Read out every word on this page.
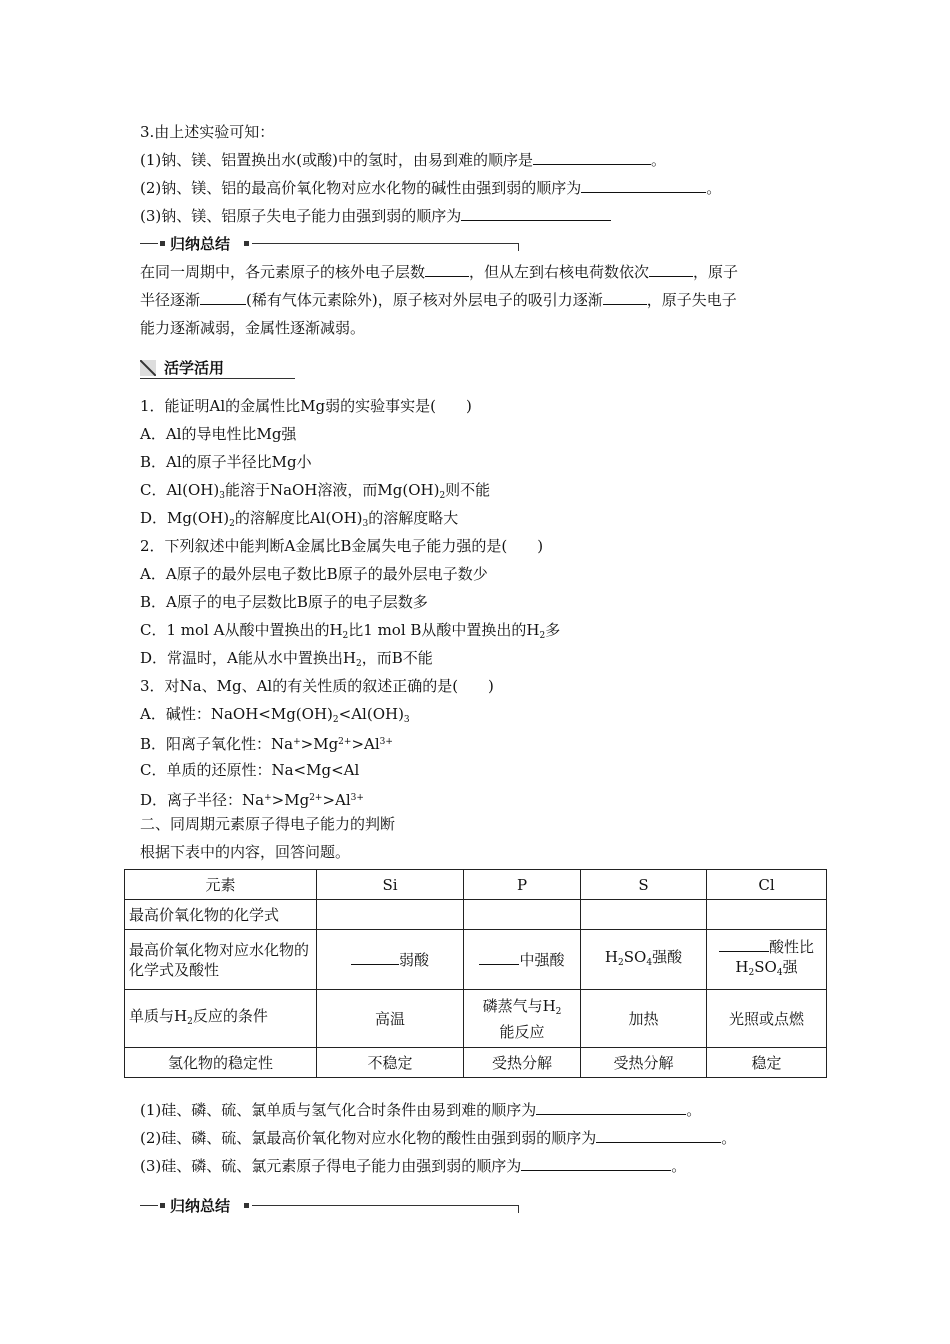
3.由上述实验可知：
(1)钠、镁、铝置换出水(或酸)中的氢时，由易到难的顺序是	。
(2)钠、镁、铝的最高价氧化物对应水化物的碱性由强到弱的顺序为	。
(3)钠、镁、铝原子失电子能力由强到弱的顺序为
归纳总结
在同一周期中，各元素原子的核外电子层数	，但从左到右核电荷数依次	，原子
半径逐渐	(稀有气体元素除外)，原子核对外层电子的吸引力逐渐	，原子失电子
能力逐渐减弱，金属性逐渐减弱。
活学活用
1．能证明Al的金属性比Mg弱的实验事实是(　　)
A．Al的导电性比Mg强
B．Al的原子半径比Mg小
C．$Al(OH)_3$能溶于NaOH溶液，而$Mg(OH)_2$则不能
D．$Mg(OH)_2$的溶解度比$Al(OH)_3$的溶解度略大
2．下列叙述中能判断A金属比B金属失电子能力强的是(　　)
A．A原子的最外层电子数比B原子的最外层电子数少
B．A原子的电子层数比B原子的电子层数多
C．1 mol A从酸中置换出的$H_2$比1 mol B从酸中置换出的$H_2$多
D．常温时，A能从水中置换出$H_2$，而B不能
3．对Na、Mg、Al的有关性质的叙述正确的是(　　)
A．碱性：$NaOH<Mg(OH)_2<Al(OH)_3$
B．阳离子氧化性：$Na^+>Mg^{2+}>Al^{3+}$
C．单质的还原性：Na<Mg<Al
D．离子半径：$Na^+>Mg^{2+}>Al^{3+}$
二、同周期元素原子得电子能力的判断
根据下表中的内容，回答问题。
元素	Si	P	S	Cl
最高价氧化物的化学式				
最高价氧化物对应水化物的化学式及酸性	弱酸	中强酸	$H_2SO_4$强酸	酸性比
$H_2SO_4$强
单质与$H_2$反应的条件	高温	磷蒸气与$H_2$
能反应	加热	光照或点燃
氢化物的稳定性	不稳定	受热分解	受热分解	稳定
(1)硅、磷、硫、氯单质与氢气化合时条件由易到难的顺序为	。
(2)硅、磷、硫、氯最高价氧化物对应水化物的酸性由强到弱的顺序为	。
(3)硅、磷、硫、氯元素原子得电子能力由强到弱的顺序为	。
归纳总结
